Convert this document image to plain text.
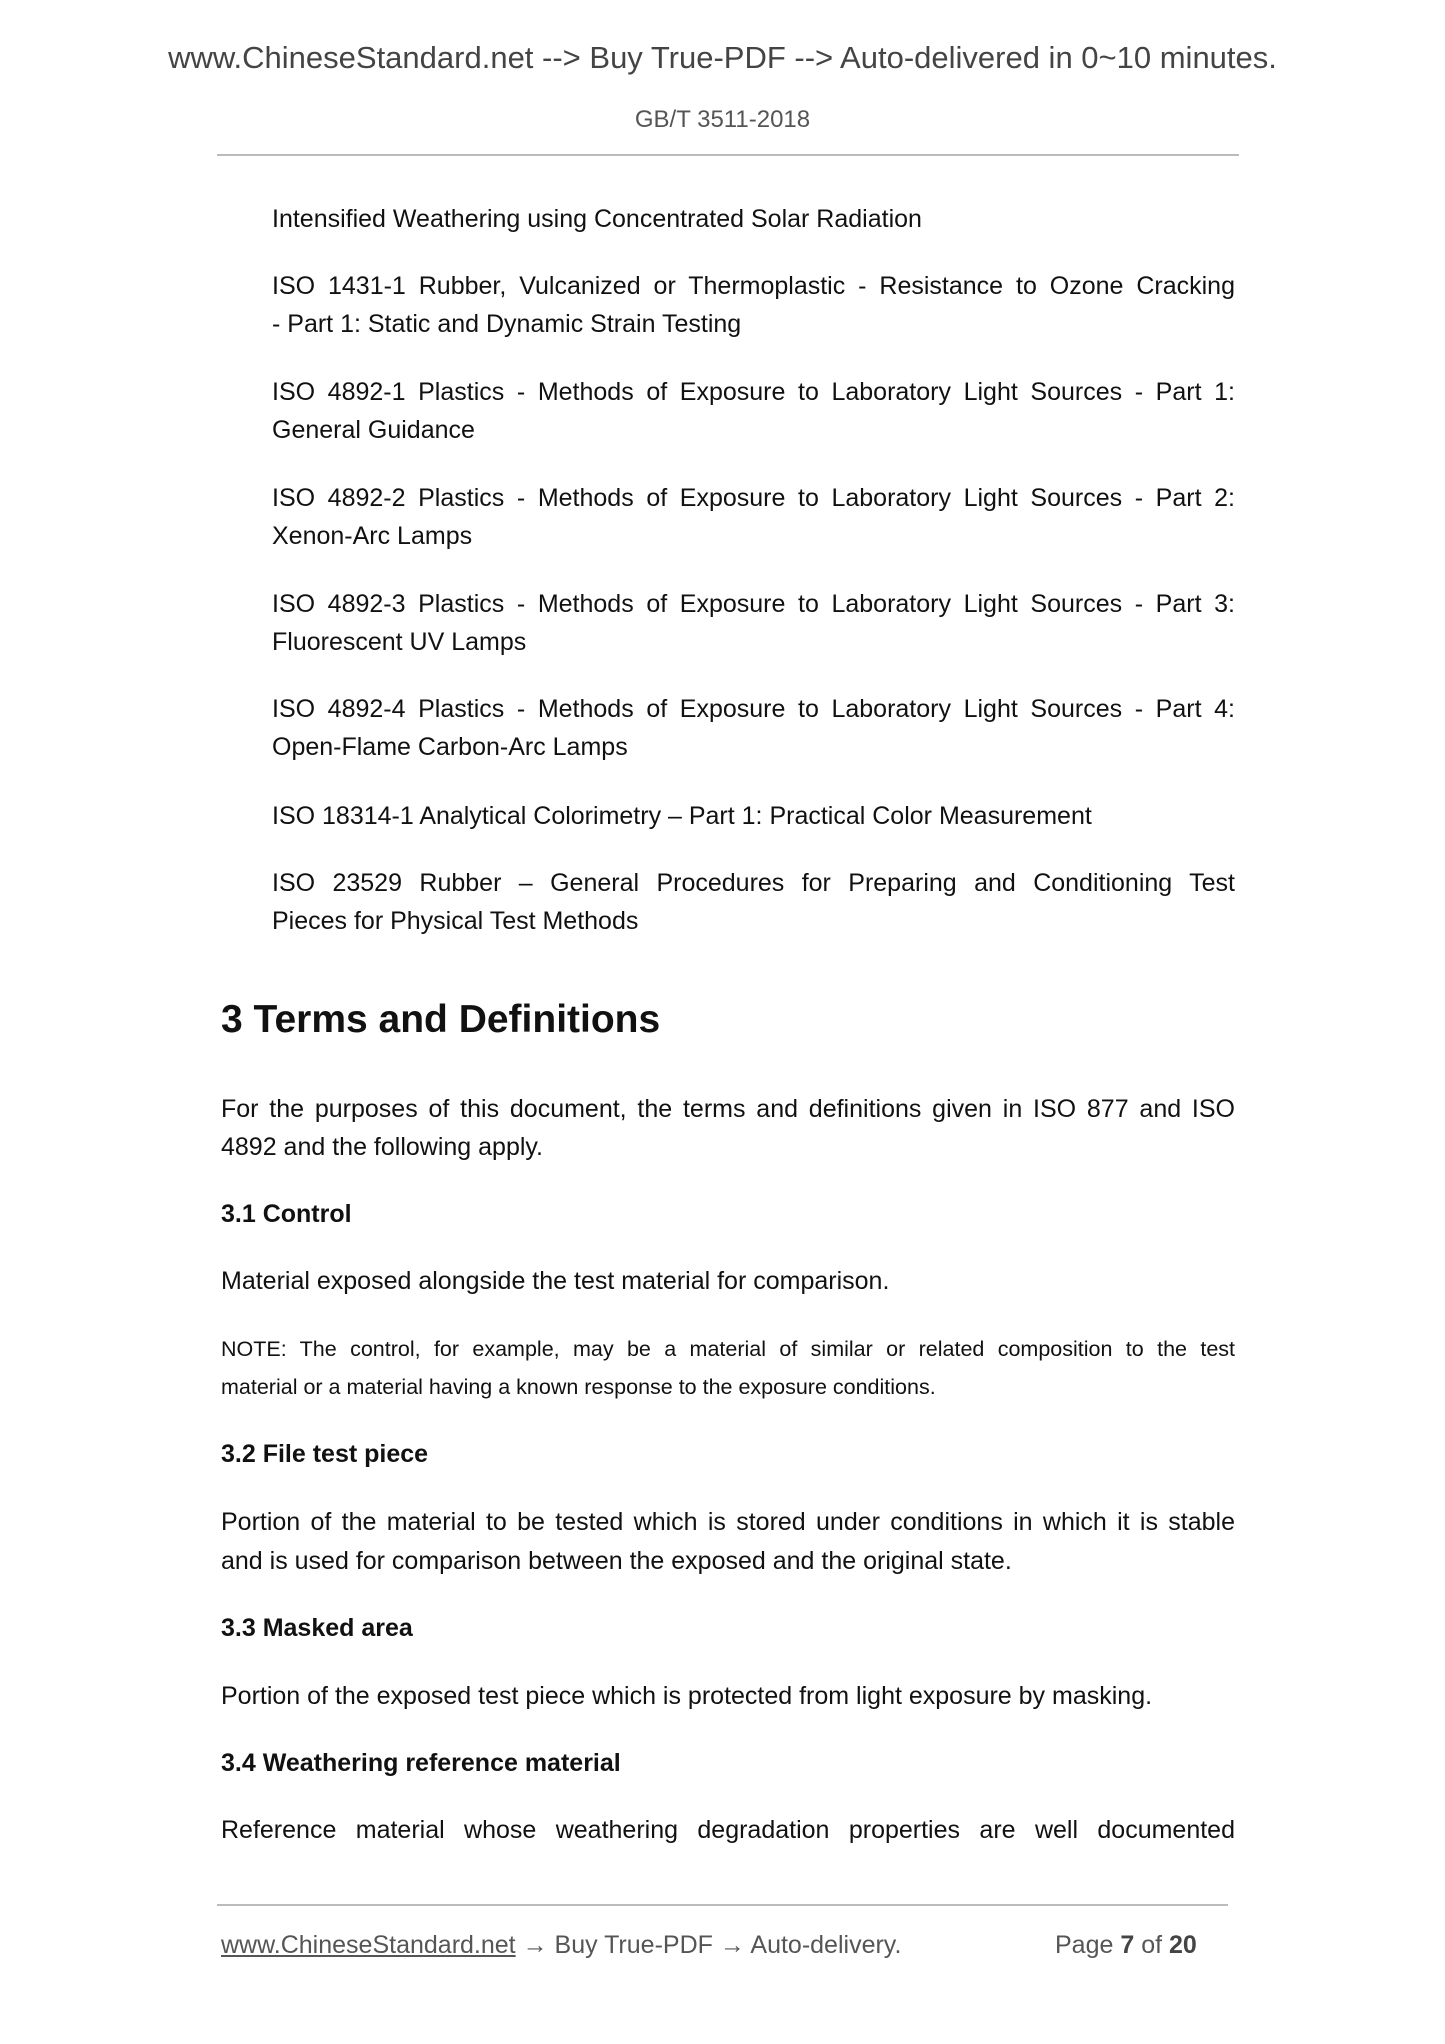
www.ChineseStandard.net --> Buy True-PDF --> Auto-delivered in 0~10 minutes.
GB/T 3511-2018
Intensified Weathering using Concentrated Solar Radiation
ISO 1431-1 Rubber, Vulcanized or Thermoplastic - Resistance to Ozone Cracking
- Part 1: Static and Dynamic Strain Testing
ISO 4892-1 Plastics - Methods of Exposure to Laboratory Light Sources - Part 1:
General Guidance
ISO 4892-2 Plastics - Methods of Exposure to Laboratory Light Sources - Part 2:
Xenon-Arc Lamps
ISO 4892-3 Plastics - Methods of Exposure to Laboratory Light Sources - Part 3:
Fluorescent UV Lamps
ISO 4892-4 Plastics - Methods of Exposure to Laboratory Light Sources - Part 4:
Open-Flame Carbon-Arc Lamps
ISO 18314-1 Analytical Colorimetry – Part 1: Practical Color Measurement
ISO 23529 Rubber – General Procedures for Preparing and Conditioning Test
Pieces for Physical Test Methods
3 Terms and Definitions
For the purposes of this document, the terms and definitions given in ISO 877 and ISO
4892 and the following apply.
3.1 Control
Material exposed alongside the test material for comparison.
NOTE: The control, for example, may be a material of similar or related composition to the test
material or a material having a known response to the exposure conditions.
3.2 File test piece
Portion of the material to be tested which is stored under conditions in which it is stable
and is used for comparison between the exposed and the original state.
3.3 Masked area
Portion of the exposed test piece which is protected from light exposure by masking.
3.4 Weathering reference material
Reference material whose weathering degradation properties are well documented
www.ChineseStandard.net → Buy True-PDF → Auto-delivery.	Page 7 of 20
